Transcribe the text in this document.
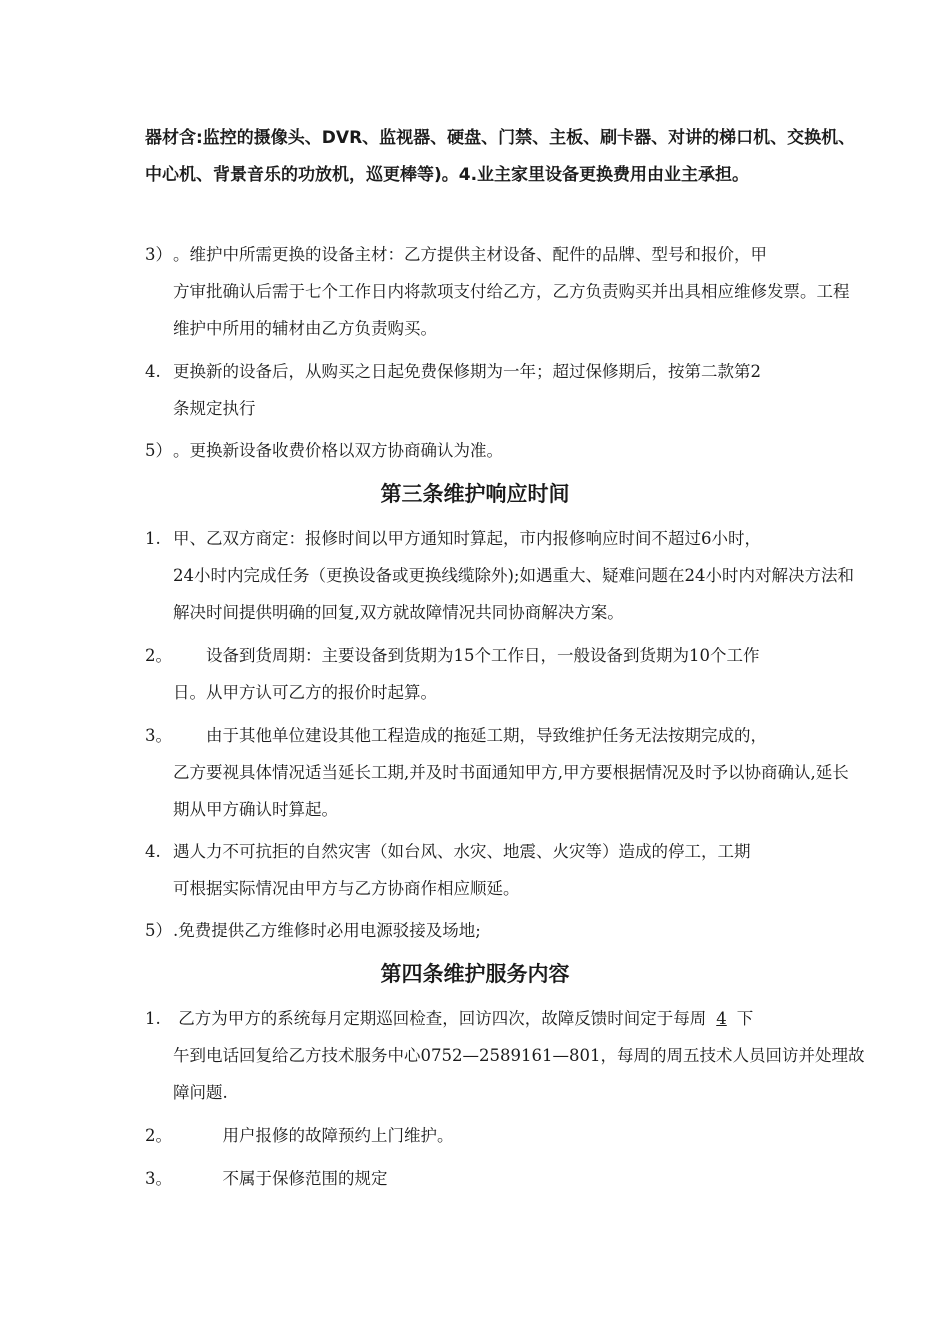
器材含:监控的摄像头、DVR、监视器、硬盘、门禁、主板、刷卡器、对讲的梯口机、交换机、中心机、背景音乐的功放机，巡更棒等)。4.业主家里设备更换费用由业主承担。

3）。维护中所需更换的设备主材：乙方提供主材设备、配件的品牌、型号和报价，甲
方审批确认后需于七个工作日内将款项支付给乙方，乙方负责购买并出具相应维修发票。工程维护中所用的辅材由乙方负责购买。

4. 更换新的设备后，从购买之日起免费保修期为一年；超过保修期后，按第二款第2
条规定执行

5）。更换新设备收费价格以双方协商确认为准。

第三条维护响应时间

1. 甲、乙双方商定：报修时间以甲方通知时算起，市内报修响应时间不超过6小时，
24小时内完成任务（更换设备或更换线缆除外);如遇重大、疑难问题在24小时内对解决方法和解决时间提供明确的回复,双方就故障情况共同协商解决方案。

2。　　设备到货周期：主要设备到货期为15个工作日，一般设备到货期为10个工作
日。从甲方认可乙方的报价时起算。

3。　　由于其他单位建设其他工程造成的拖延工期，导致维护任务无法按期完成的，
乙方要视具体情况适当延长工期,并及时书面通知甲方,甲方要根据情况及时予以协商确认,延长期从甲方确认时算起。

4. 遇人力不可抗拒的自然灾害（如台风、水灾、地震、火灾等）造成的停工，工期
可根据实际情况由甲方与乙方协商作相应顺延。

5）.免费提供乙方维修时必用电源驳接及场地;

第四条维护服务内容

1. 乙方为甲方的系统每月定期巡回检查，回访四次，故障反馈时间定于每周 4 下
午到电话回复给乙方技术服务中心0752—2589161—801，每周的周五技术人员回访并处理故障问题.

2。　　　用户报修的故障预约上门维护。

3。　　　不属于保修范围的规定
